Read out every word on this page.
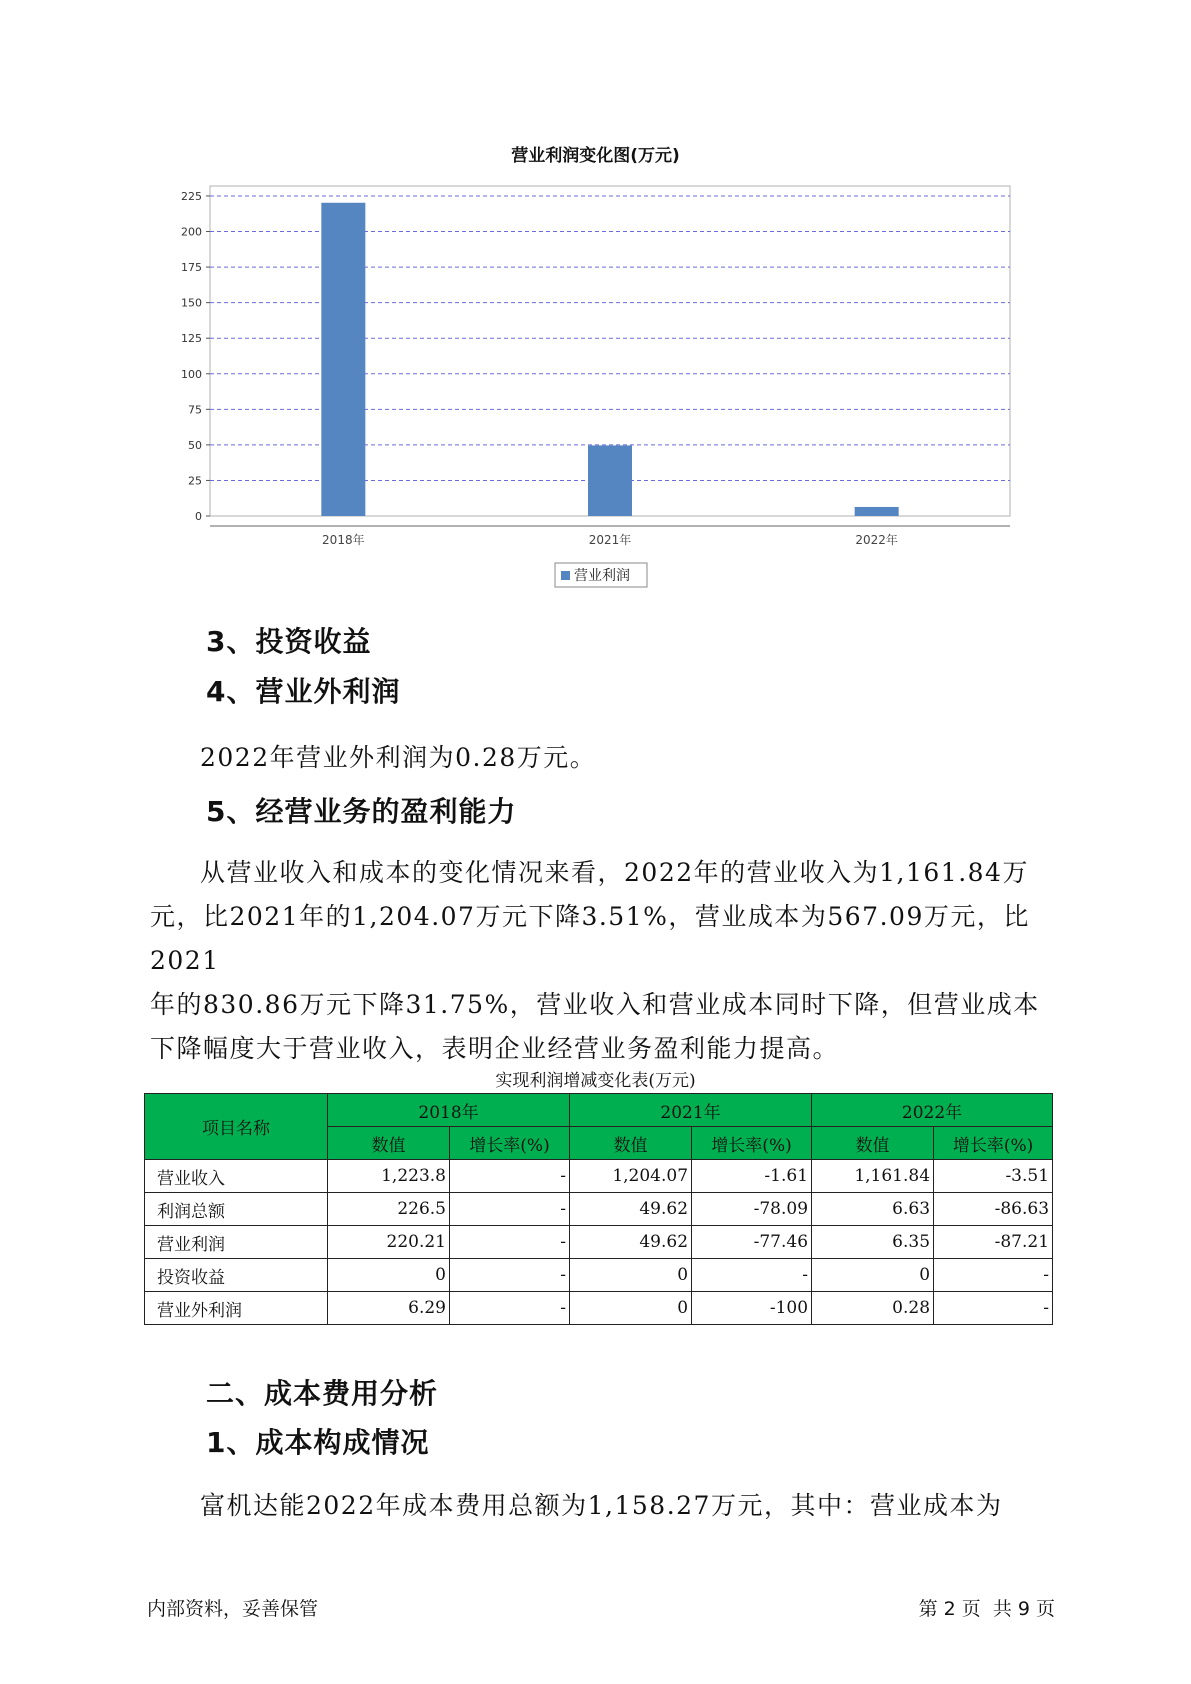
营业利润变化图(万元)
0
25
50
75
100
125
150
175
200
225
2018年	2021年	2022年
营业利润
3、投资收益
4、营业外利润
2022年营业外利润为0.28万元。
5、经营业务的盈利能力
从营业收入和成本的变化情况来看，2022年的营业收入为1,161.84万
元，比2021年的1,204.07万元下降3.51%，营业成本为567.09万元，比2021
年的830.86万元下降31.75%，营业收入和营业成本同时下降，但营业成本
下降幅度大于营业收入，表明企业经营业务盈利能力提高。
实现利润增减变化表(万元)
项目名称	2018年		2021年		2022年	
	数值	增长率(%)	数值	增长率(%)	数值	增长率(%)
营业收入	1,223.8	-	1,204.07	-1.61	1,161.84	-3.51
利润总额	226.5	-	49.62	-78.09	6.63	-86.63
营业利润	220.21	-	49.62	-77.46	6.35	-87.21
投资收益	0	-	0	-	0	-
营业外利润	6.29	-	0	-100	0.28	-
二、成本费用分析
1、成本构成情况
富机达能2022年成本费用总额为1,158.27万元，其中：营业成本为
内部资料，妥善保管	第 2 页  共 9 页
